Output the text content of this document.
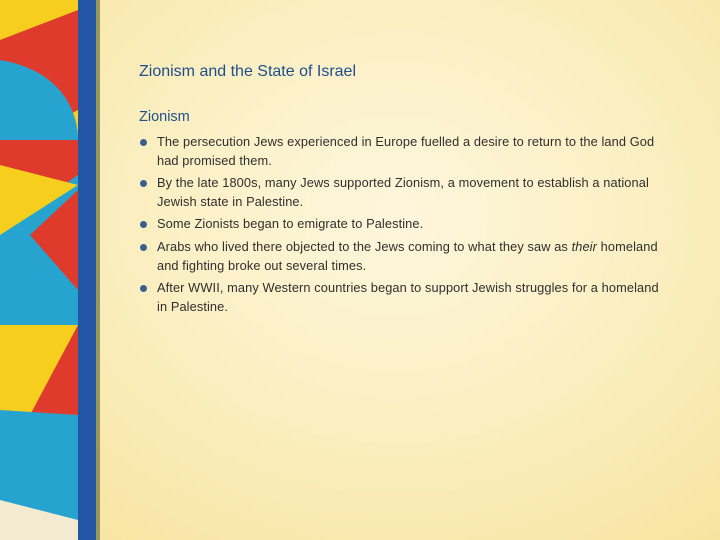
Zionism and the State of Israel
Zionism
The persecution Jews experienced in Europe fuelled a desire to return to the land God had promised them.
By the late 1800s, many Jews supported Zionism, a movement to establish a national Jewish state in Palestine.
Some Zionists began to emigrate to Palestine.
Arabs who lived there objected to the Jews coming to what they saw as their homeland and fighting broke out several times.
After WWII, many Western countries began to support Jewish struggles for a homeland in Palestine.
